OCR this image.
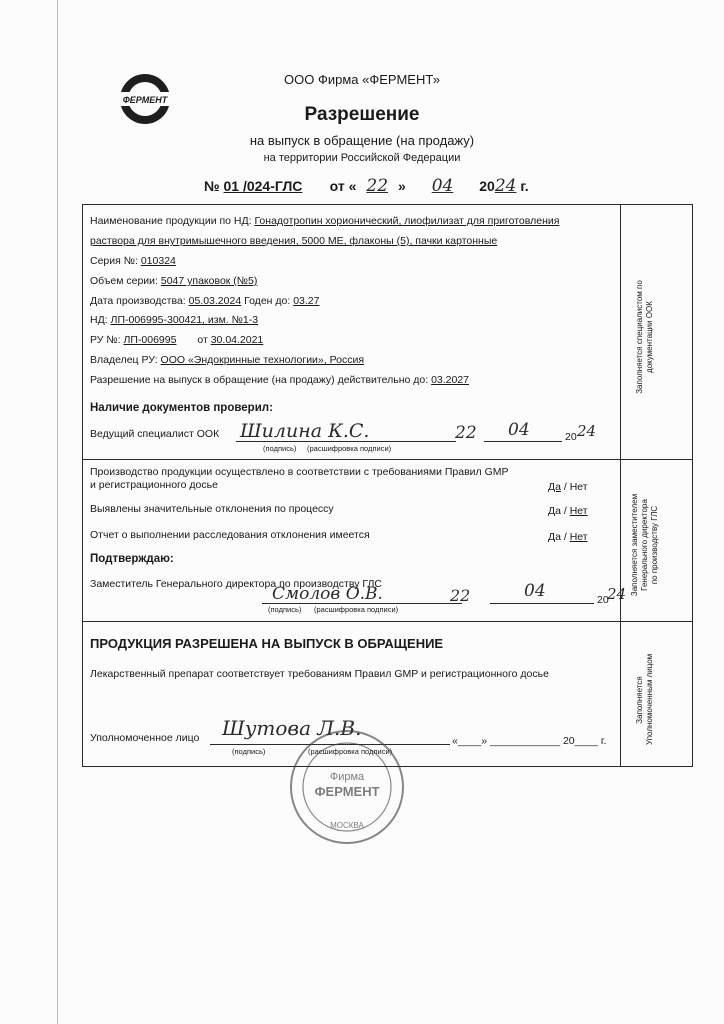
ФЕРМЕНТ
ООО Фирма «ФЕРМЕНТ»
Разрешение
на выпуск в обращение (на продажу)
на территории Российской Федерации
№ 01 /024-ГЛС от « 22 » 04 2024 г.
Наименование продукции по НД: Гонадотропин хорионический, лиофилизат для приготовления
раствора для внутримышечного введения, 5000 МЕ, флаконы (5), пачки картонные
Серия №: 010324
Объем серии: 5047 упаковок (№5)
Дата производства: 05.03.2024 Годен до: 03.27
НД: ЛП-006995-300421, изм. №1-3
РУ №: ЛП-006995 от 30.04.2021
Владелец РУ: ООО «Эндокринные технологии», Россия
Разрешение на выпуск в обращение (на продажу) действительно до: 03.2027
Наличие документов проверил:
Ведущий специалист ООК Шилина К.С.	22 04	20 24
(подпись) (расшифровка подписи)
Заполняется специалистом по документации ООК
Производство продукции осуществлено в соответствии с требованиями Правил GMP
и регистрационного досье	Да / Нет
Выявлены значительные отклонения по процессу	Да / Нет
Отчет о выполнении расследования отклонения имеется	Да / Нет
Подтверждаю:
Заместитель Генерального директора по производству ГЛС
Смолов О.В.	22	04	20
24
(подпись) (расшифровка подписи)
Заполняется заместителем Генерального директора по производству ГЛС
ПРОДУКЦИЯ РАЗРЕШЕНА НА ВЫПУСК В ОБРАЩЕНИЕ
Лекарственный препарат соответствует требованиям Правил GMP и регистрационного досье
Уполномоченное лицо Шутова Л.В.
«____» ____________ 20____ г.
(подпись)	(расшифровка подписи)
Заполняется Уполномоченным лицом
Фирма
ФЕРМЕНТ
МОСКВА
